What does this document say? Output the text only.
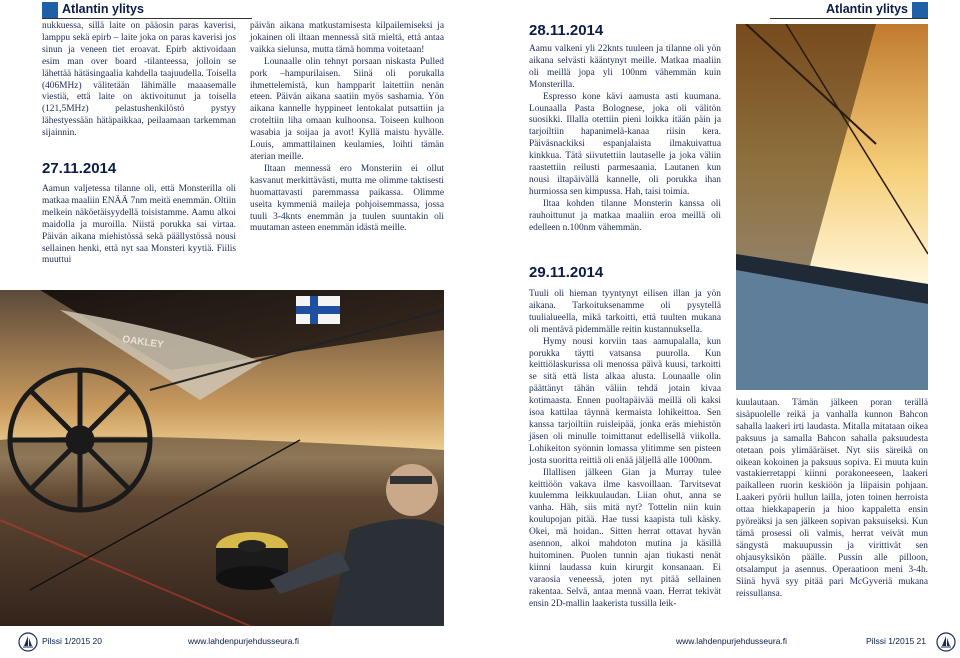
Atlantin ylitys	Atlantin ylitys

nukkuessa, sillä laite on pääosin paras kaverisi, lamppu sekä epirb – laite joka on paras kaverisi jos sinun ja veneen tiet eroavat. Epirb aktivoidaan esim man over board -tilanteessa, jolloin se lähettää hätäsingaalia kahdella taajuudella. Toisella (406MHz) välitetään lähimälle maaasemalle viestiä, että laite on aktivoitunut ja toisella (121,5MHz) pelastushenkilöstö pystyy lähestyessään hätäpaikkaa, peilaamaan tarkemman sijainnin.

27.11.2014

Aamun valjetessa tilanne oli, että Monsterilla oli matkaa maaliin ENÄÄ 7nm meitä enemmän. Oltiin melkein näköetäisyydellä toisistamme. Aamu alkoi maidolla ja muroilla. Niistä porukka sai virtaa. Päivän aikana miehistössä sekä päällystössä nousi sellainen henki, että nyt saa Monsteri kyytiä. Fiilis muuttui

päivän aikana matkustamisesta kilpailemiseksi ja jokainen oli iltaan mennessä sitä mieltä, että antaa vaikka sielunsa, mutta tämä homma voitetaan!

Lounaalle olin tehnyt porsaan niskasta Pulled pork –hampurilaisen. Siinä oli porukalla ihmettelemistä, kun hampparit laitettiin nenän eteen. Päivän aikana saatiin myös sashamia. Yön aikana kannelle hyppineet lentokalat putsattiin ja croteltiin liha omaan kulhoonsa. Toiseen kulhoon wasabia ja soijaa ja avot! Kyllä maistu hyvälle. Louis, ammattilainen keulamies, loihti tämän aterian meille.

Iltaan mennessä ero Monsteriin ei ollut kasvanut merkittävästi, mutta me olimme taktisesti huomattavasti paremmassa paikassa. Olimme useita kymmeniä maileja pohjoisemmassa, jossa tuuli 3-4knts enemmän ja tuulen suuntakin oli muutaman asteen enemmän idästä meille.

OAKLEY
28.11.2014

Aamu valkeni yli 22knts tuuleen ja tilanne oli yön aikana selvästi kääntynyt meille. Matkaa maaliin oli meillä jopa yli 100nm vähemmän kuin Monsterilla.

Espresso kone kävi aamusta asti kuumana. Lounaalla Pasta Bolognese, joka oli välitön suosikki. Illalla otettiin pieni loikka itään päin ja tarjoiltiin hapanimelä-kanaa riisin kera. Päiväsnackiksi espanjalaista ilmakuivattua kinkkua. Tätä siivutettiin lautaselle ja joka väliin raastettiin reilusti parmesaania. Lautanen kun nousi iltapäivällä kannelle, oli porukka ihan hurmiossa sen kimpussa. Hah, taisi toimia.

Iltaa kohden tilanne Monsterin kanssa oli rauhoittunut ja matkaa maaliin eroa meillä oli edelleen n.100nm vähemmän.

29.11.2014

Tuuli oli hieman tyyntynyt eilisen illan ja yön aikana. Tarkoituksenamme oli pysytellä tuulialueella, mikä tarkoitti, että tuulten mukana oli mentävä pidemmälle reitin kustannuksella.

Hymy nousi korviin taas aamupalalla, kun porukka täytti vatsansa puurolla. Kun keittiölaskurissa oli menossa päivä kuusi, tarkoitti se sitä että lista alkaa alusta. Lounaalle olin päättänyt tähän väliin tehdä jotain kivaa kotimaasta. Ennen puoltapäivää meillä oli kaksi isoa kattilaa täynnä kermaista lohikeittoa. Sen kanssa tarjoiltiin ruisleipää, jonka eräs miehistön jäsen oli minulle toimittanut edellisellä viikolla. Lohikeiton syönnin lomassa ylitimme sen pisteen josta suoritta reittiä oli enää jäljellä alle 1000nm.

Illallisen jälkeen Gian ja Murray tulee keittiöön vakava ilme kasvoillaan. Tarvitsevat kuulemma leikkuulaudan. Liian ohut, anna se vanha. Häh, siis mitä nyt? Tottelin niin kuin koulupojan pitää. Hae tussi kaapista tuli käsky. Okei, mä hoidan.. Sitten herrat ottavat hyvän asennon, alkoi mahdoton mutina ja käsillä huitominen. Puolen tunnin ajan tiukasti nenät kiinni laudassa kuin kirurgit konsanaan. Ei varaosia veneessä, joten nyt pitää sellainen rakentaa. Selvä, antaa mennä vaan. Herrat tekivät ensin 2D-mallin laakerista tussilla leik-

kuulautaan. Tämän jälkeen poran terällä sisäpuolelle reikä ja vanhalla kunnon Bahcon sahalla laakeri irti laudasta. Mitalla mitataan oikea paksuus ja samalla Bahcon sahalla paksuudesta otetaan pois ylimääräiset. Nyt siis säreikä on oikean kokoinen ja paksuus sopiva. Ei muuta kuin vastakierretappi kiinni porakoneeseen, laakeri paikalleen ruorin keskiöön ja liipaisin pohjaan. Laakeri pyörii hullun lailla, joten toinen herroista ottaa hiekkapaperin ja hioo kappaletta ensin pyöreäksi ja sen jälkeen sopivan paksuiseksi. Kun tämä prosessi oli valmis, herrat veivät mun sängystä makuupussin ja virittivät sen ohjausyksikön päälle. Pussin alle pilloon, otsalamput ja asennus. Operaatioon meni 3-4h. Siinä hyvä syy pitää pari McGyveriä mukana reissullansa.

Pilssi 1/2015 20	www.lahdenpurjehdusseura.fi	www.lahdenpurjehdusseura.fi	Pilssi 1/2015 21
